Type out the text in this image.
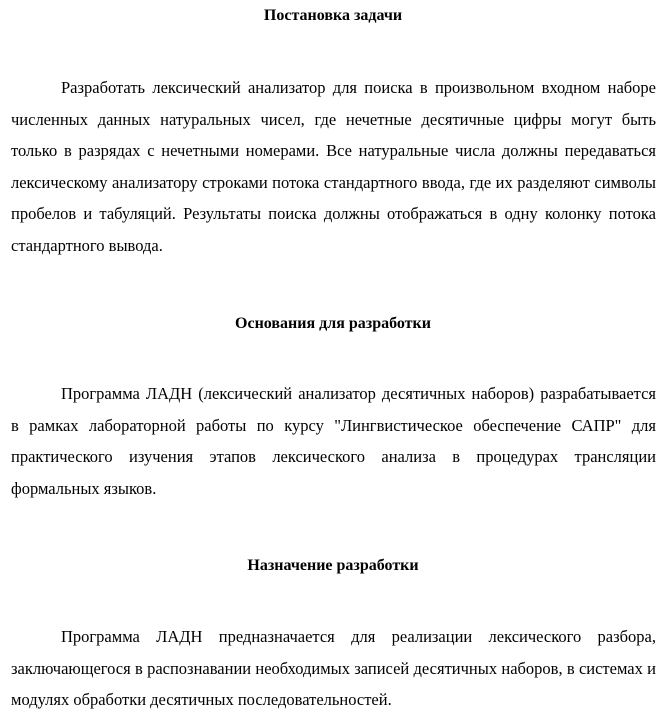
Постановка задачи

Разработать лексический анализатор для поиска в произвольном входном наборе численных данных натуральных чисел, где нечетные десятичные цифры могут быть только в разрядах с нечетными номерами. Все натуральные числа должны передаваться лексическому анализатору строками потока стандартного ввода, где их разделяют символы пробелов и табуляций. Результаты поиска должны отображаться в одну колонку потока стандартного вывода.

Основания для разработки

Программа ЛАДН (лексический анализатор десятичных наборов) разрабатывается в рамках лабораторной работы по курсу "Лингвистическое обеспечение САПР" для практического изучения этапов лексического анализа в процедурах трансляции формальных языков.

Назначение разработки

Программа ЛАДН предназначается для реализации лексического разбора, заключающегося в распознавании необходимых записей десятичных наборов, в системах и модулях обработки десятичных последовательностей.
